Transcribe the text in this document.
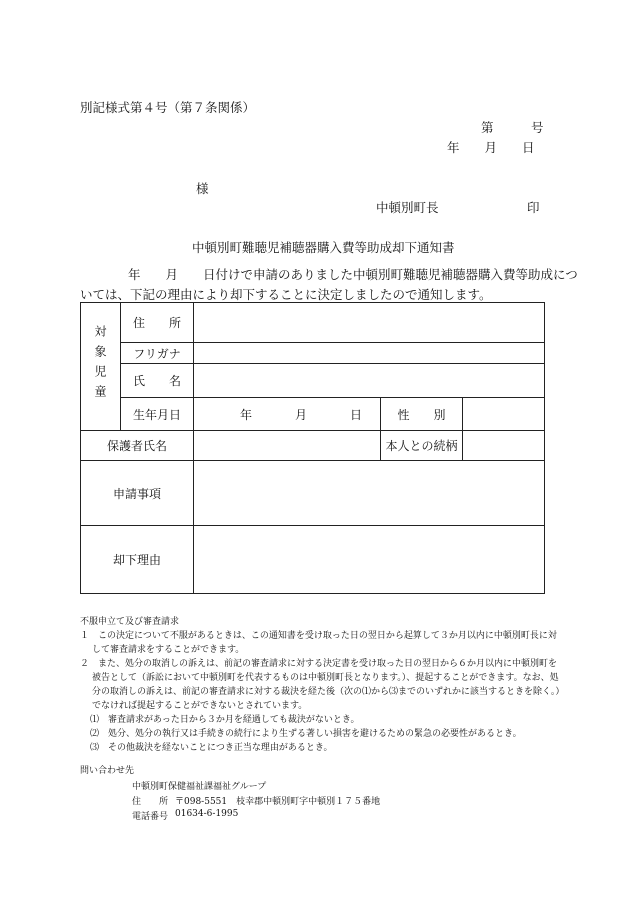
別記様式第４号（第７条関係）
第　　　号
年　　月　　日
様
中頓別町長	印
中頓別町難聴児補聴器購入費等助成却下通知書
年　　月　　日付けで申請のありました中頓別町難聴児補聴器購入費等助成につ
いては、下記の理由により却下することに決定しましたので通知します。
対象児童	住　　所			
	フリガナ			
	氏　　名			
	生年月日	年 月 日	性　　別	
保護者氏名			本人との続柄	
申請事項				
却下理由				
不服申立て及び審査請求
１　この決定について不服があるときは、この通知書を受け取った日の翌日から起算して３か月以内に中頓別町長に対
して審査請求をすることができます。
２　また、処分の取消しの訴えは、前記の審査請求に対する決定書を受け取った日の翌日から６か月以内に中頓別町を
被告として（訴訟において中頓別町を代表するものは中頓別町長となります。）、提起することができます。なお、処
分の取消しの訴えは、前記の審査請求に対する裁決を経た後（次の⑴から⑶までのいずれかに該当するときを除く。）
でなければ提起することができないとされています。
⑴　審査請求があった日から３か月を経過しても裁決がないとき。
⑵　処分、処分の執行又は手続きの続行により生ずる著しい損害を避けるための緊急の必要性があるとき。
⑶　その他裁決を経ないことにつき正当な理由があるとき。
問い合わせ先
中頓別町保健福祉課福祉グループ
住　　所 〒098-5551　枝幸郡中頓別町字中頓別１７５番地
電話番号 01634-6-1995
